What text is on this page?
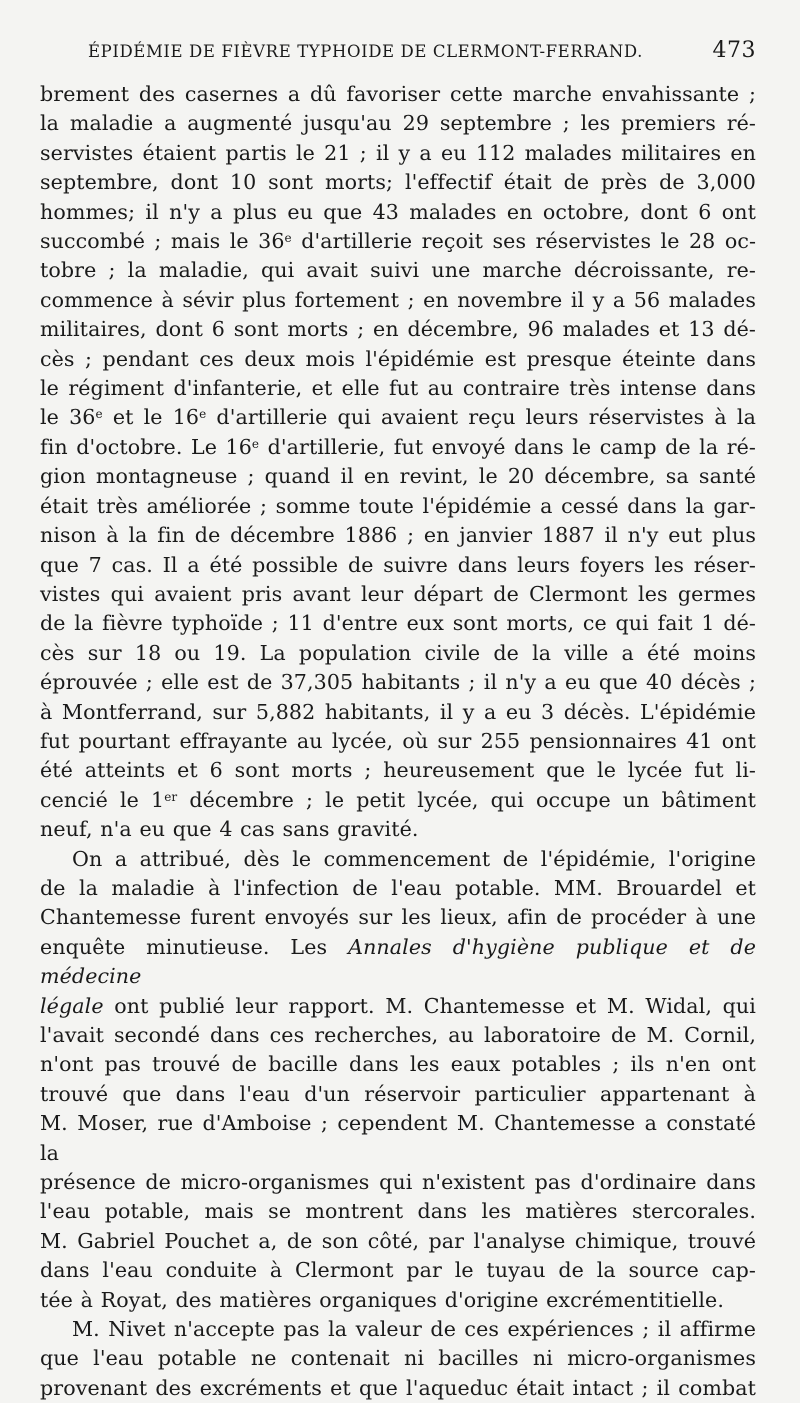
ÉPIDÉMIE DE FIÈVRE TYPHOIDE DE CLERMONT-FERRAND.	473

brement des casernes a dû favoriser cette marche envahissante ;

la maladie a augmenté jusqu'au 29 septembre ; les premiers ré-

servistes étaient partis le 21 ; il y a eu 112 malades militaires en

septembre, dont 10 sont morts; l'effectif était de près de 3,000

hommes; il n'y a plus eu que 43 malades en octobre, dont 6 ont

succombé ; mais le 36e d'artillerie reçoit ses réservistes le 28 oc-

tobre ; la maladie, qui avait suivi une marche décroissante, re-

commence à sévir plus fortement ; en novembre il y a 56 malades

militaires, dont 6 sont morts ; en décembre, 96 malades et 13 dé-

cès ; pendant ces deux mois l'épidémie est presque éteinte dans

le régiment d'infanterie, et elle fut au contraire très intense dans

le 36e et le 16e d'artillerie qui avaient reçu leurs réservistes à la

fin d'octobre. Le 16e d'artillerie, fut envoyé dans le camp de la ré-

gion montagneuse ; quand il en revint, le 20 décembre, sa santé

était très améliorée ; somme toute l'épidémie a cessé dans la gar-

nison à la fin de décembre 1886 ; en janvier 1887 il n'y eut plus

que 7 cas. Il a été possible de suivre dans leurs foyers les réser-

vistes qui avaient pris avant leur départ de Clermont les germes

de la fièvre typhoïde ; 11 d'entre eux sont morts, ce qui fait 1 dé-

cès sur 18 ou 19. La population civile de la ville a été moins

éprouvée ; elle est de 37,305 habitants ; il n'y a eu que 40 décès ;

à Montferrand, sur 5,882 habitants, il y a eu 3 décès. L'épidémie

fut pourtant effrayante au lycée, où sur 255 pensionnaires 41 ont

été atteints et 6 sont morts ; heureusement que le lycée fut li-

cencié le 1er décembre ; le petit lycée, qui occupe un bâtiment

neuf, n'a eu que 4 cas sans gravité.

On a attribué, dès le commencement de l'épidémie, l'origine

de la maladie à l'infection de l'eau potable. MM. Brouardel et

Chantemesse furent envoyés sur les lieux, afin de procéder à une

enquête minutieuse. Les Annales d'hygiène publique et de médecine

légale ont publié leur rapport. M. Chantemesse et M. Widal, qui

l'avait secondé dans ces recherches, au laboratoire de M. Cornil,

n'ont pas trouvé de bacille dans les eaux potables ; ils n'en ont

trouvé que dans l'eau d'un réservoir particulier appartenant à

M. Moser, rue d'Amboise ; cependent M. Chantemesse a constaté la

présence de micro-organismes qui n'existent pas d'ordinaire dans

l'eau potable, mais se montrent dans les matières stercorales.

M. Gabriel Pouchet a, de son côté, par l'analyse chimique, trouvé

dans l'eau conduite à Clermont par le tuyau de la source cap-

tée à Royat, des matières organiques d'origine excrémentitielle.

M. Nivet n'accepte pas la valeur de ces expériences ; il affirme

que l'eau potable ne contenait ni bacilles ni micro-organismes

provenant des excréments et que l'aqueduc était intact ; il combat
